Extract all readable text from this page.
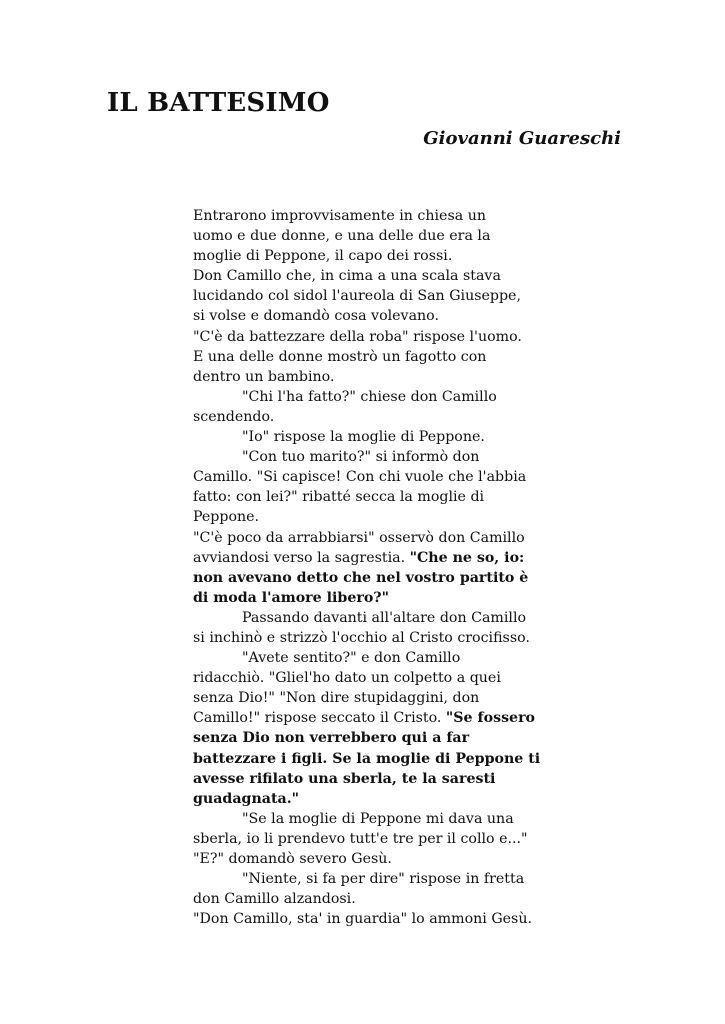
IL BATTESIMO
Giovanni Guareschi
Entrarono improvvisamente in chiesa un
uomo e due donne, e una delle due era la
moglie di Peppone, il capo dei rossi.
Don Camillo che, in cima a una scala stava
lucidando col sidol l'aureola di San Giuseppe,
si volse e domandò cosa volevano.
"C'è da battezzare della roba" rispose l'uomo.
E una delle donne mostrò un fagotto con
dentro un bambino.
"Chi l'ha fatto?" chiese don Camillo
scendendo.
"Io" rispose la moglie di Peppone.
"Con tuo marito?" si informò don
Camillo. "Si capisce! Con chi vuole che l'abbia
fatto: con lei?" ribatté secca la moglie di
Peppone.
"C'è poco da arrabbiarsi" osservò don Camillo
avviandosi verso la sagrestia. "Che ne so, io:
non avevano detto che nel vostro partito è
di moda l'amore libero?"
Passando davanti all'altare don Camillo
si inchinò e strizzò l'occhio al Cristo crocifisso.
"Avete sentito?" e don Camillo
ridacchiò. "Gliel'ho dato un colpetto a quei
senza Dio!" "Non dire stupidaggini, don
Camillo!" rispose seccato il Cristo. "Se fossero
senza Dio non verrebbero qui a far
battezzare i figli. Se la moglie di Peppone ti
avesse rifilato una sberla, te la saresti
guadagnata."
"Se la moglie di Peppone mi dava una
sberla, io li prendevo tutt'e tre per il collo e..."
"E?" domandò severo Gesù.
"Niente, si fa per dire" rispose in fretta
don Camillo alzandosi.
"Don Camillo, sta' in guardia" lo ammoni Gesù.
